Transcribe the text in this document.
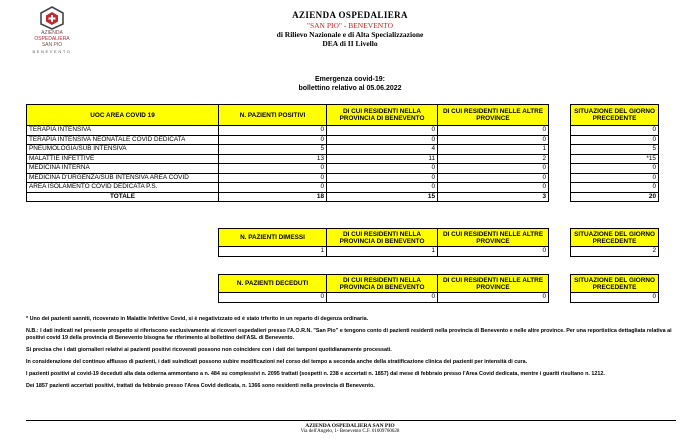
AZIENDA
OSPEDALIERA
SAN PIO
BENEVENTO
AZIENDA OSPEDALIERA
"SAN PIO" - BENEVENTO
di Rilievo Nazionale e di Alta Specializzazione
DEA di II Livello
Emergenza covid-19:
bollettino relativo al 05.06.2022
UOC AREA COVID 19	N. PAZIENTI POSITIVI	DI CUI RESIDENTI NELLA PROVINCIA DI BENEVENTO	DI CUI RESIDENTI NELLE ALTRE PROVINCE		SITUAZIONE DEL GIORNO PRECEDENTE
TERAPIA INTENSIVA	0	0	0		0
TERAPIA INTENSIVA NEONATALE COVID DEDICATA	0	0	0		0
PNEUMOLOGIA/SUB INTENSIVA	5	4	1		5
MALATTIE INFETTIVE	13	11	2		*15
MEDICINA INTERNA	0	0	0		0
MEDICINA D'URGENZA/SUB INTENSIVA AREA COVID	0	0	0		0
AREA ISOLAMENTO COVID DEDICATA P.S.	0	0	0		0
TOTALE	18	15	3		20
N. PAZIENTI DIMESSI	DI CUI RESIDENTI NELLA PROVINCIA DI BENEVENTO	DI CUI RESIDENTI NELLE ALTRE PROVINCE		SITUAZIONE DEL GIORNO PRECEDENTE
1	1	0		2
N. PAZIENTI DECEDUTI	DI CUI RESIDENTI NELLA PROVINCIA DI BENEVENTO	DI CUI RESIDENTI NELLE ALTRE PROVINCE		SITUAZIONE DEL GIORNO PRECEDENTE
0	0	0		0

* Uno dei pazienti sanniti, ricoverato in Malattie Infettive Covid, si è negativizzato ed è stato trferito in un reparto di degenza ordinaria.

N.B.: I dati indicati nel presente prospetto si riferiscono esclusivamente ai ricoveri ospedalieri presso l'A.O.R.N. "San Pio" e tengono conto di pazienti residenti nella provincia di Benevento e nelle altre province. Per una reportistica dettagliata relativa ai positivi covid 19 della provincia di Benevento bisogna far riferimento al bollettino dell'ASL di Benevento.

Si precisa che i dati giornalieri relativi ai pazienti positivi ricoverati possono non coincidere con i dati dei tamponi quotidianamente processati.

In considerazione del continuo afflusso di pazienti, i dati suindicati possono subire modificazioni nel corso del tempo a seconda anche della stratificazione clinica dei pazienti per intensità di cura.

I pazienti positivi al covid-19 deceduti alla data odierna ammontano a n. 484 su complessivi n. 2095 trattati (sospetti n. 238 e accertati n. 1857) dal mese di febbraio presso l'Area Covid dedicata, mentre i guariti risultano n. 1212.

Dei 1857 pazienti accertati positivi, trattati da febbraio presso l'Area Covid dedicata, n. 1366 sono residenti nella provincia di Benevento.

AZIENDA OSPEDALIERA SAN PIO
Via dell'Angelo, 1- Benevento C.F. 01009760628
